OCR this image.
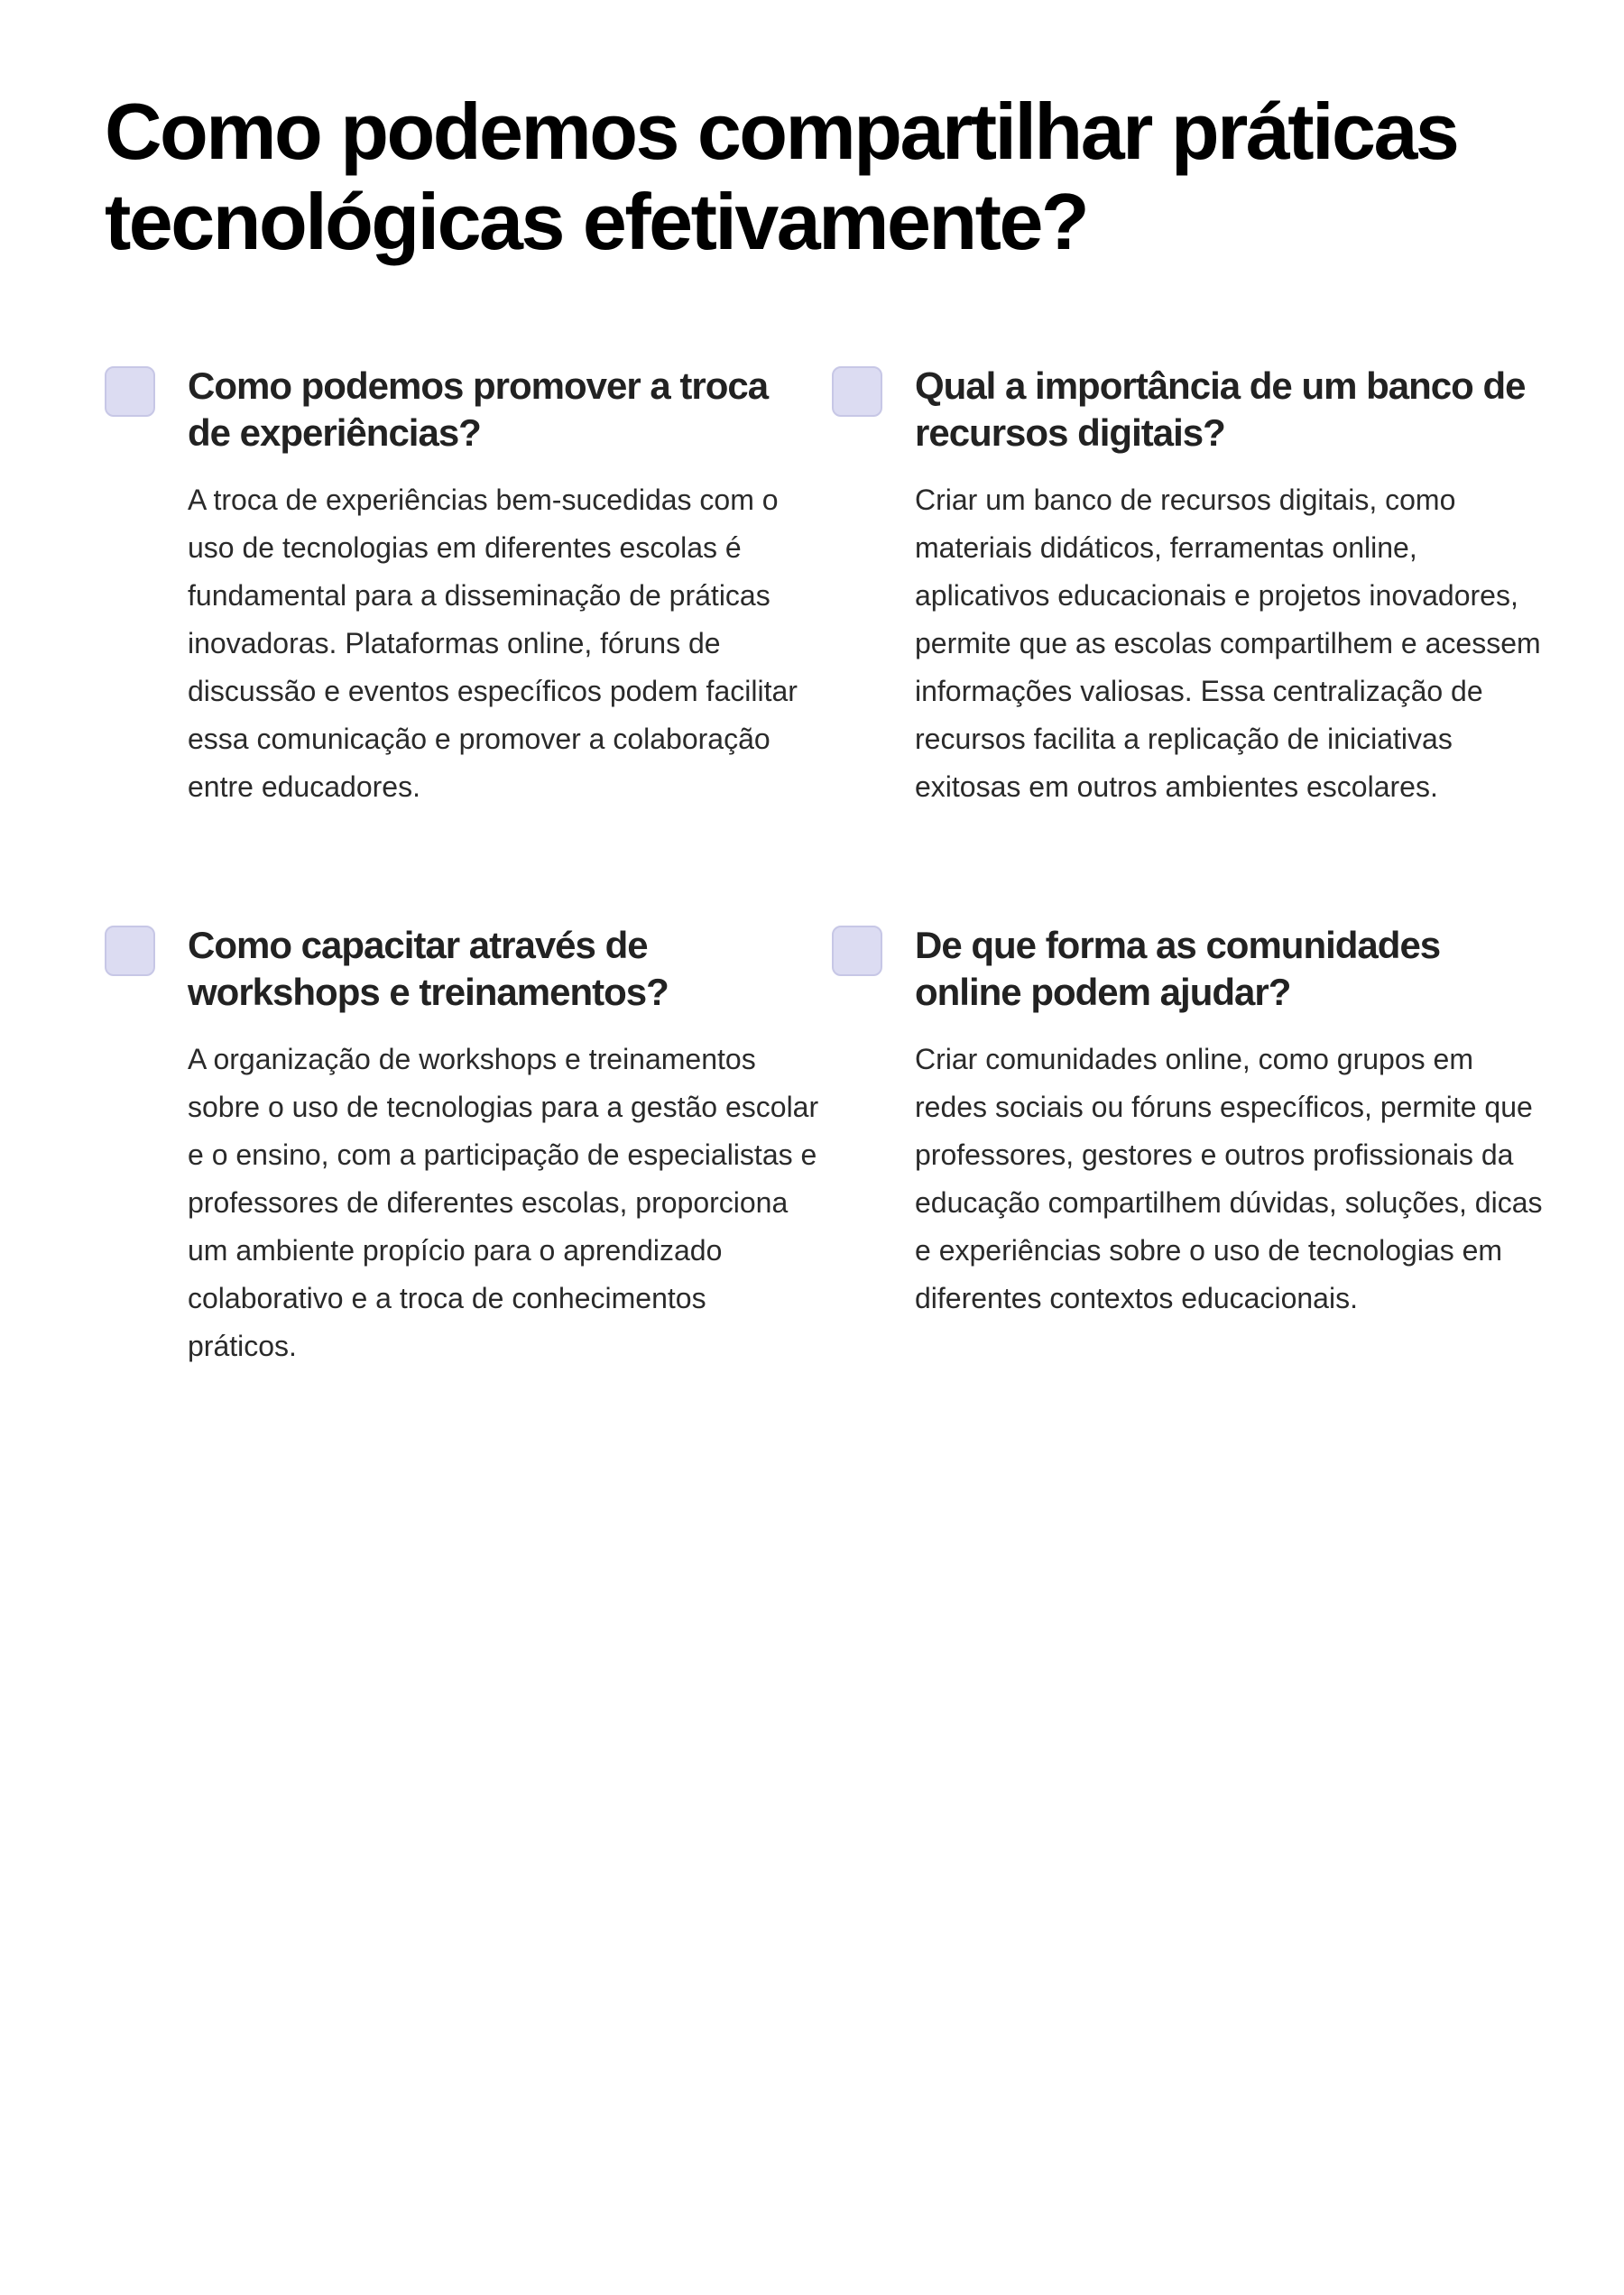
Como podemos compartilhar práticas tecnológicas efetivamente?
Como podemos promover a troca de experiências?

A troca de experiências bem-sucedidas com o uso de tecnologias em diferentes escolas é fundamental para a disseminação de práticas inovadoras. Plataformas online, fóruns de discussão e eventos específicos podem facilitar essa comunicação e promover a colaboração entre educadores.

Qual a importância de um banco de recursos digitais?

Criar um banco de recursos digitais, como materiais didáticos, ferramentas online, aplicativos educacionais e projetos inovadores, permite que as escolas compartilhem e acessem informações valiosas. Essa centralização de recursos facilita a replicação de iniciativas exitosas em outros ambientes escolares.

Como capacitar através de workshops e treinamentos?

A organização de workshops e treinamentos sobre o uso de tecnologias para a gestão escolar e o ensino, com a participação de especialistas e professores de diferentes escolas, proporciona um ambiente propício para o aprendizado colaborativo e a troca de conhecimentos práticos.

De que forma as comunidades online podem ajudar?

Criar comunidades online, como grupos em redes sociais ou fóruns específicos, permite que professores, gestores e outros profissionais da educação compartilhem dúvidas, soluções, dicas e experiências sobre o uso de tecnologias em diferentes contextos educacionais.
